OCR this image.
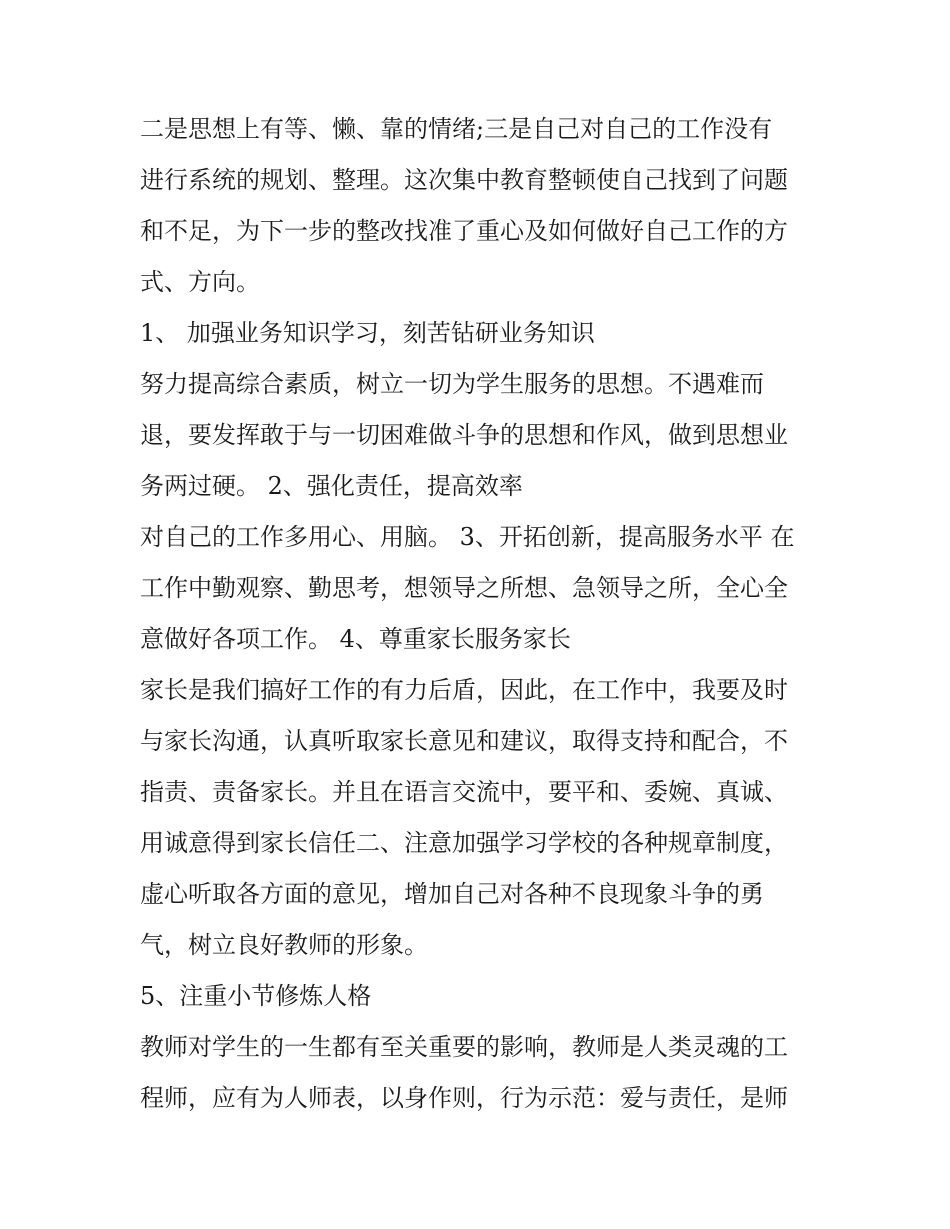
二是思想上有等、懒、靠的情绪;三是自己对自己的工作没有
进行系统的规划、整理。这次集中教育整顿使自己找到了问题
和不足，为下一步的整改找准了重心及如何做好自己工作的方
式、方向。
1、 加强业务知识学习，刻苦钻研业务知识
努力提高综合素质，树立一切为学生服务的思想。不遇难而
退，要发挥敢于与一切困难做斗争的思想和作风，做到思想业
务两过硬。 2、强化责任，提高效率
对自己的工作多用心、用脑。 3、开拓创新，提高服务水平 在
工作中勤观察、勤思考，想领导之所想、急领导之所，全心全
意做好各项工作。 4、尊重家长服务家长
家长是我们搞好工作的有力后盾，因此，在工作中，我要及时
与家长沟通，认真听取家长意见和建议，取得支持和配合，不
指责、责备家长。并且在语言交流中，要平和、委婉、真诚、
用诚意得到家长信任二、注意加强学习学校的各种规章制度，
虚心听取各方面的意见，增加自己对各种不良现象斗争的勇
气，树立良好教师的形象。
5、注重小节修炼人格
教师对学生的一生都有至关重要的影响，教师是人类灵魂的工
程师，应有为人师表，以身作则，行为示范：爱与责任，是师
